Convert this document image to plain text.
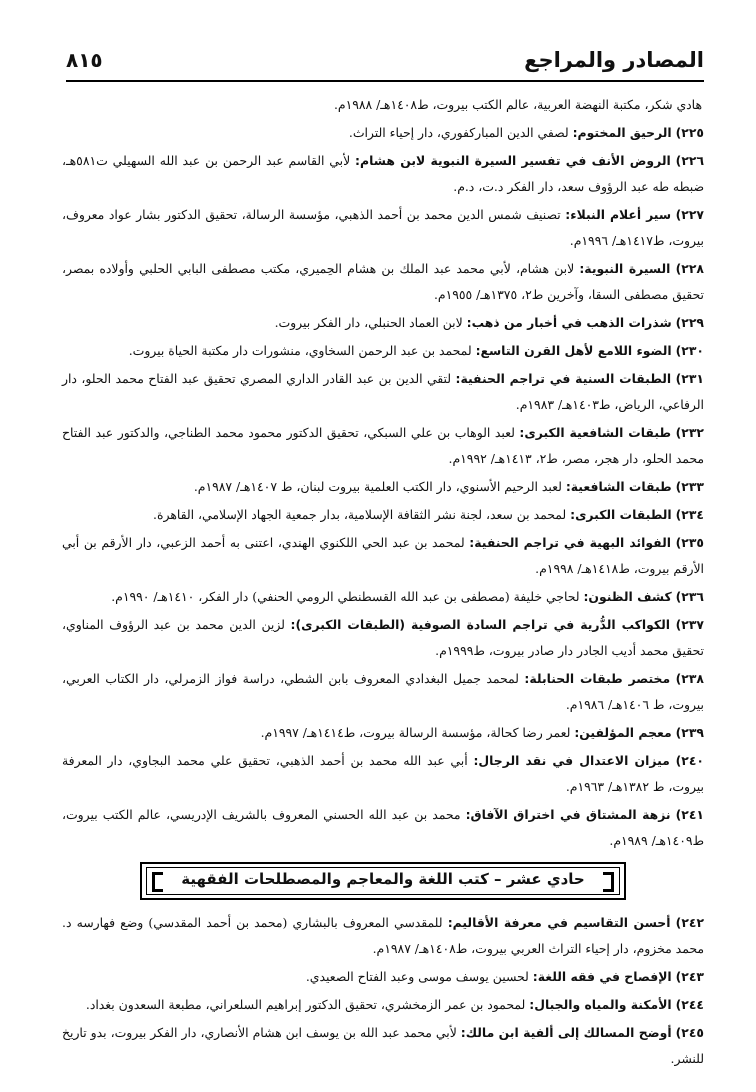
المصادر والمراجع
٨١٥
هادي شكر، مكتبة النهضة العربية، عالم الكتب بيروت، ط١٤٠٨هـ/ ١٩٨٨م.
٢٢٥) الرحيق المختوم: لصفي الدين المباركفوري، دار إحياء التراث.
٢٢٦) الروض الأنف في تفسير السيرة النبوية لابن هشام: لأبي القاسم عبد الرحمن بن عبد الله السهيلي ت٥٨١هـ، ضبطه طه عبد الرؤوف سعد، دار الفكر د.ت، د.م.
٢٢٧) سير أعلام النبلاء: تصنيف شمس الدين محمد بن أحمد الذهبي، مؤسسة الرسالة، تحقيق الدكتور بشار عواد معروف، بيروت، ط١٤١٧هـ/ ١٩٩٦م.
٢٢٨) السيرة النبوية: لابن هشام، لأبي محمد عبد الملك بن هشام الحِميري، مكتب مصطفى البابي الحلبي وأولاده بمصر، تحقيق مصطفى السقا، وآخرين ط٢، ١٣٧٥هـ/ ١٩٥٥م.
٢٢٩) شذرات الذهب في أخبار من ذهب: لابن العماد الحنبلي، دار الفكر بيروت.
٢٣٠) الضوء اللامع لأهل القرن التاسع: لمحمد بن عبد الرحمن السخاوي، منشورات دار مكتبة الحياة بيروت.
٢٣١) الطبقات السنية في تراجم الحنفية: لتقي الدين بن عبد القادر الداري المصري تحقيق عبد الفتاح محمد الحلو، دار الرفاعي، الرياض، ط١٤٠٣هـ/ ١٩٨٣م.
٢٣٢) طبقات الشافعية الكبرى: لعبد الوهاب بن علي السبكي، تحقيق الدكتور محمود محمد الطناجي، والدكتور عبد الفتاح محمد الحلو، دار هجر، مصر، ط٢، ١٤١٣هـ/ ١٩٩٢م.
٢٣٣) طبقات الشافعية: لعبد الرحيم الأسنوي، دار الكتب العلمية بيروت لبنان، ط ١٤٠٧هـ/ ١٩٨٧م.
٢٣٤) الطبقات الكبرى: لمحمد بن سعد، لجنة نشر الثقافة الإسلامية، بدار جمعية الجهاد الإسلامي، القاهرة.
٢٣٥) الفوائد البهية في تراجم الحنفية: لمحمد بن عبد الحي اللكنوي الهندي، اعتنى به أحمد الزعبي، دار الأرقم بن أبي الأرقم بيروت، ط١٤١٨هـ/ ١٩٩٨م.
٢٣٦) كشف الظنون: لحاجي خليفة (مصطفى بن عبد الله القسطنطي الرومي الحنفي) دار الفكر، ١٤١٠هـ/ ١٩٩٠م.
٢٣٧) الكواكب الدُّرية في تراجم السادة الصوفية (الطبقات الكبرى): لزين الدين محمد بن عبد الرؤوف المناوي، تحقيق محمد أديب الجادر دار صادر بيروت، ط١٩٩٩م.
٢٣٨) مختصر طبقات الحنابلة: لمحمد جميل البغدادي المعروف بابن الشطي، دراسة فواز الزمرلي، دار الكتاب العربي، بيروت، ط ١٤٠٦هـ/ ١٩٨٦م.
٢٣٩) معجم المؤلفين: لعمر رضا كحالة، مؤسسة الرسالة بيروت، ط١٤١٤هـ/ ١٩٩٧م.
٢٤٠) ميزان الاعتدال في نقد الرجال: أبي عبد الله محمد بن أحمد الذهبي، تحقيق علي محمد البجاوي، دار المعرفة بيروت، ط ١٣٨٢هـ/ ١٩٦٣م.
٢٤١) نزهة المشتاق في اختراق الآفاق: محمد بن عبد الله الحسني المعروف بالشريف الإدريسي، عالم الكتب بيروت، ط١٤٠٩هـ/ ١٩٨٩م.
حادي عشر – كتب اللغة والمعاجم والمصطلحات الفقهية
٢٤٢) أحسن التقاسيم في معرفة الأقاليم: للمقدسي المعروف بالبشاري (محمد بن أحمد المقدسي) وضع فهارسه د. محمد مخزوم، دار إحياء التراث العربي بيروت، ط١٤٠٨هـ/ ١٩٨٧م.
٢٤٣) الإفصاح في فقه اللغة: لحسين يوسف موسى وعبد الفتاح الصعيدي.
٢٤٤) الأمكنة والمياه والجبال: لمحمود بن عمر الزمخشري، تحقيق الدكتور إبراهيم السلعراني، مطبعة السعدون بغداد.
٢٤٥) أوضح المسالك إلى ألفية ابن مالك: لأبي محمد عبد الله بن يوسف ابن هشام الأنصاري، دار الفكر بيروت، بدو تاريخ للنشر.
